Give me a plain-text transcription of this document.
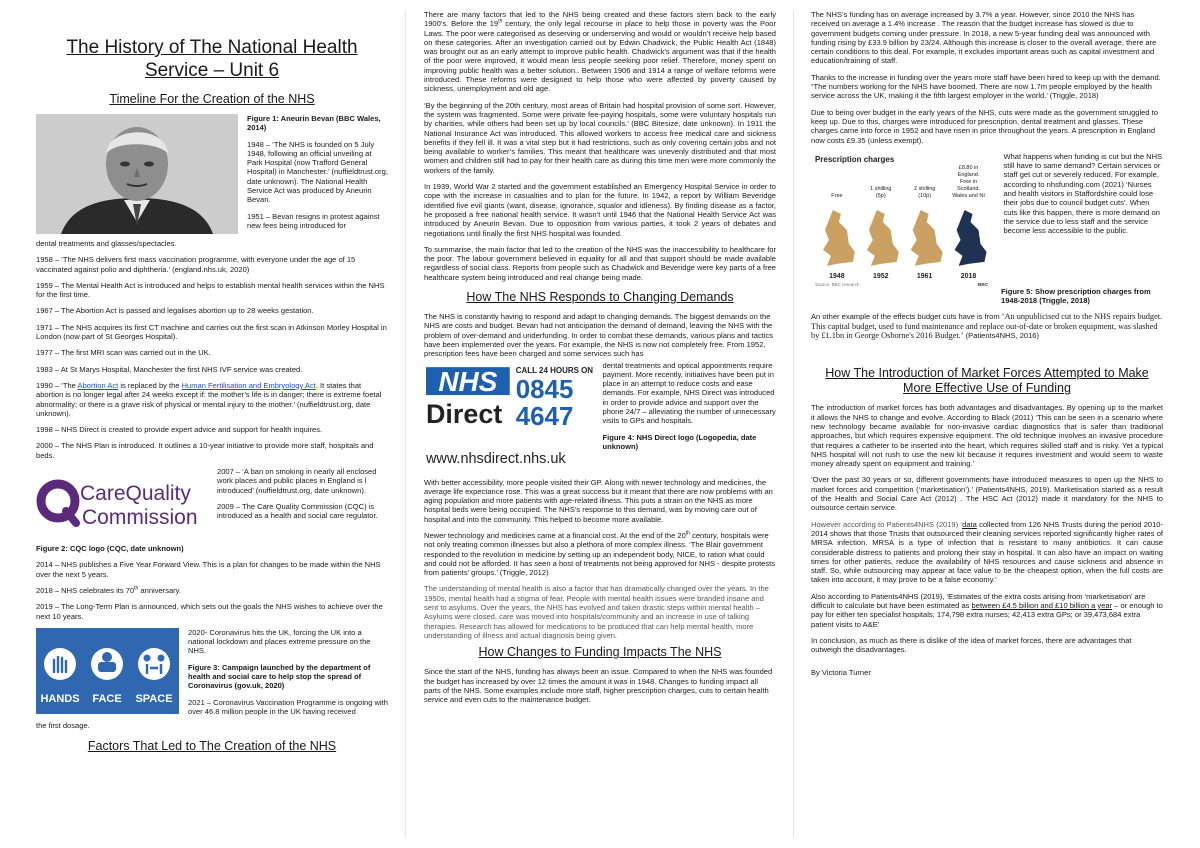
The History of The National Health Service – Unit 6
Timeline For the Creation of the NHS

Figure 1: Aneurin Bevan (BBC Wales, 2014)

1948 – ‘The NHS is founded on 5 July 1948, following an official unveiling at Park Hospital (now Trafford General Hospital) in Manchester.’ (nuffieldtrust.org, date unknown). The National Health Service Act was produced by Aneurin Bevan.

1951 – Bevan resigns in protest against new fees being introduced for

dental treatments and glasses/spectacles.

1958 – ‘The NHS delivers first mass vaccination programme, with everyone under the age of 15 vaccinated against polio and diphtheria.’ (england.nhs.uk, 2020)

1959 – The Mental Health Act is introduced and helps to establish mental health services within the NHS for the first time.

1967 – The Abortion Act is passed and legalises abortion up to 28 weeks gestation.

1971 – The NHS acquires its first CT machine and carries out the first scan in Atkinson Morley Hospital in London (now part of St Georges Hospital).

1977 – The first MRI scan was carried out in the UK.

1983 – At St Marys Hospital, Manchester the first NHS IVF service was created.

1990 – ‘The Abortion Act is replaced by the Human Fertilisation and Embryology Act. It states that abortion is no longer legal after 24 weeks except if: the mother’s life is in danger; there is extreme foetal abnormality; or there is a grave risk of physical or mental injury to the mother.’ (nuffieldtrust.org, date unknown).

1998 – NHS Direct is created to provide expert advice and support for health inquires.

2000 – The NHS Plan is introduced. It outlines a 10-year initiative to provide more staff, hospitals and beds.

CareQuality
Commission

2007 – ‘A ban on smoking in nearly all enclosed work places and public places in England is l introduced’ (nuffieldtrust.org, date unknown).

2009 – The Care Quality Commission (CQC) is introduced as a health and social care regulator.

Figure 2: CQC logo (CQC, date unknown)

2014 – NHS publishes a Five Year Forward View. This is a plan for changes to be made within the NHS over the next 5 years.

2018 – NHS celebrates its 70th anniversary.

2019 – The Long-Term Plan is announced, which sets out the goals the NHS wishes to achieve over the next 10 years.

HANDS FACE SPACE

2020- Coronavirus hits the UK, forcing the UK into a national lockdown and places extreme pressure on the NHS.

Figure 3: Campaign launched by the department of health and social care to help stop the spread of Coronavirus (gov.uk, 2020)

2021 – Coronavirus Vaccination Programme is ongoing with over 46.8 million people in the UK having received

the first dosage.

Factors That Led to The Creation of the NHS

There are many factors that led to the NHS being created and these factors stem back to the early 1900’s. Before the 19th century, the only legal recourse in place to help those in poverty was the Poor Laws. The poor were categorised as deserving or underserving and would or wouldn’t receive help based on these categories. After an investigation carried out by Edwin Chadwick, the Public Health Act (1848) was brought out as an early attempt to improve public health. Chadwick's argument was that if the health of the poor were improved, it would mean less people seeking poor relief. Therefore, money spent on improving public health was a better solution.. Between 1906 and 1914 a range of welfare reforms were introduced. These reforms were designed to help those who were affected by poverty caused by sickness, unemployment and old age.

‘By the beginning of the 20th century, most areas of Britain had hospital provision of some sort. However, the system was fragmented. Some were private fee-paying hospitals, some were voluntary hospitals run by charities, while others had been set up by local councils.’ (BBC Bitesize, date unknown). In 1911 the National Insurance Act was introduced. This allowed workers to access free medical care and sickness benefits if they fell ill. It was a vital step but it had restrictions, such as only covering certain jobs and not being available to worker’s families. This meant that healthcare was unevenly distributed and that most women and children still had to pay for their health care as during this time men were more commonly the workers of the family.

In 1939, World War 2 started and the government established an Emergency Hospital Service in order to cope with the increase in casualties and to plan for the future. In 1942, a report by William Beveridge identified five evil giants (want, disease, ignorance, squalor and idleness). By finding disease as a factor, he proposed a free national health service. It wasn’t until 1946 that the National Health Service Act was introduced by Aneurin Bevan. Due to opposition from various parties, it took 2 years of debates and negotiations until finally the first NHS hospital was founded.

To summarise, the main factor that led to the creation of the NHS was the inaccessibility to healthcare for the poor. The labour government believed in equality for all and that support should be made available regardless of social class. Reports from people such as Chadwick and Beveridge were key parts of a free healthcare system being introduced and real change being made.

How The NHS Responds to Changing Demands

The NHS is constantly having to respond and adapt to changing demands. The biggest demands on the NHS are costs and budget. Bevan had not anticipation the demand of demand, leaving the NHS with the problem of over-demand and underfunding. In order to combat these demands, various plans and tactics have been implemented over the years. For example, the NHS is now not completely free. From 1952, prescription fees have been charged and some services such has

NHS
Direct
CALL 24 HOURS ON
0845
4647
www.nhsdirect.nhs.uk

dental treatments and optical appointments require payment. More recently, initiatives have been put in place in an attempt to reduce costs and ease demands. For example, NHS Direct was introduced in order to provide advice and support over the phone 24/7 – alleviating the number of unnecessary visits to GPs and hospitals.

Figure 4: NHS Direct logo (Logopedia, date unknown)

With better accessibility, more people visited their GP. Along with newer technology and medicines, the average life expectance rose. This was a great success but it meant that there are now problems with an aging population and more patients with age-related illness. This puts a strain on the NHS as more hospital beds were being occupied. The NHS’s response to this demand, was by moving care out of hospital and into the community. This helped to become more available.

Newer technology and medicines came at a financial cost. At the end of the 20th century, hospitals were not only treating common illnesses but also a plethora of more complex illness. ‘The Blair government responded to the revolution in medicine by setting up an independent body, NICE, to ration what could and could not be afforded. It has seen a host of treatments not being approved for NHS - despite protests from patients’ groups.’ (Triggle, 2012)

The understanding of mental health is also a factor that has dramatically changed over the years. In the 1950s, mental health had a stigma of fear. People with mental health issues were branded insane and sent to asylums. Over the years, the NHS has evolved and taken drastic steps within mental health – Asylums were closed, care was moved into hospitals/community and an increase in use of talking therapies. Research has allowed for medications to be produced that can help mental health, more understanding of illness and actual diagnosis being given.

How Changes to Funding Impacts The NHS

Since the start of the NHS, funding has always been an issue. Compared to when the NHS was founded the budget has increased by over 12 times the amount it was in 1948. Changes to funding impact all parts of the NHS. Some examples include more staff, higher prescription charges, cuts to certain health service and even cuts to the maintenance budget.

The NHS’s funding has on average increased by 3.7% a year. However, since 2010 the NHS has received on average a 1.4% increase . The reason that the budget increase has slowed is due to government budgets coming under pressure. In 2018, a new 5-year funding deal was announced with funding rising by £33.9 billion by 23/24. Although this increase is closer to the overall average, there are certain conditions to this deal. For example, it excludes important areas such as capital investment and education/training of staff.

Thanks to the increase in funding over the years more staff have been hired to keep up with the demand. “The numbers working for the NHS have boomed. There are now 1.7m people employed by the health service across the UK, making it the fifth largest employer in the world.’ (Triggle, 2018)

Due to being over budget in the early years of the NHS, cuts were made as the government struggled to keep up. Due to this, charges were introduced for prescription, dental treatment and glasses. These charges came into force in 1952 and have risen in price throughout the years. A prescription in England now costs £9.35 (unless exempt).

Prescription charges
Source: BBC research	BBC
1948
Free
1952
1 shilling (5p)
1961
2 shilling (10p)
2018
£8.80 in England. Free in Scotland, Wales and NI

What happens when funding is cut but the NHS still have to same demand? Certain services or staff get cut or severely reduced. For example, according to nhsfunding.com (2021) ‘Nurses and health visitors in Staffordshire could lose their jobs due to council budget cuts’. When cuts like this happen, there is more demand on the service due to less staff and the service become less accessible to the public.

Figure 5: Show prescription charges from 1948-2018 (Triggle, 2018)

An other example of the effects budget cuts have is from ‘An unpublicised cut to the NHS repairs budget. This capital budget, used to fund maintenance and replace out-of-date or broken equipment, was slashed by £1.1bn in George Osborne's 2016 Budget.’ (Patients4NHS, 2016)

How The Introduction of Market Forces Attempted to Make More Effective Use of Funding

The introduction of market forces has both advantages and disadvantages. By opening up to the market it allows the NHS to change and evolve. According to Black (2011) ‘This can be seen in a scenario where new technology became available for non-invasive cardiac diagnostics that is safer than traditional approaches, but which requires expensive equipment. The old technique involves an invasive procedure that requires a catheter to be inserted into the heart, which requires skilled staff and is risky. Yet a typical NHS hospital will not rush to use the new kit because it requires investment and would seem to waste money already spent on equipment and training.’

‘Over the past 30 years or so, different governments have introduced measures to open up the NHS to market forces and competition (‘marketisation’).’ (Patients4NHS, 2019). Marketisation started as a result of the Health and Social Care Act (2012) . The HSC Act (2012) made it mandatory for the NHS to outsource certain service.

However according to Patients4NHS (2019) ‘data collected from 126 NHS Trusts during the period 2010-2014 shows that those Trusts that outsourced their cleaning services reported significantly higher rates of MRSA infection. MRSA is a type of infection that is resistant to many antibiotics. It can cause considerable distress to patients and prolong their stay in hospital. It can also have an impact on waiting times for other patients, reduce the availability of NHS resources and cause sickness and absence in staff. So, while outsourcing may appear at face value to be the cheapest option, when the full costs are taken into account, it may prove to be a false economy.’

Also according to Patients4NHS (2019), ‘Estimates of the extra costs arising from ‘marketisation’ are difficult to calculate but have been estimated as between £4.5 billion and £10 billion a year – or enough to pay for either ten specialist hospitals; 174,798 extra nurses; 42,413 extra GPs; or 39,473,684 extra patient visits to A&E’

In conclusion, as much as there is dislike of the idea of market forces, there are advantages that outweigh the disadvantages.

By Victoria Turner
